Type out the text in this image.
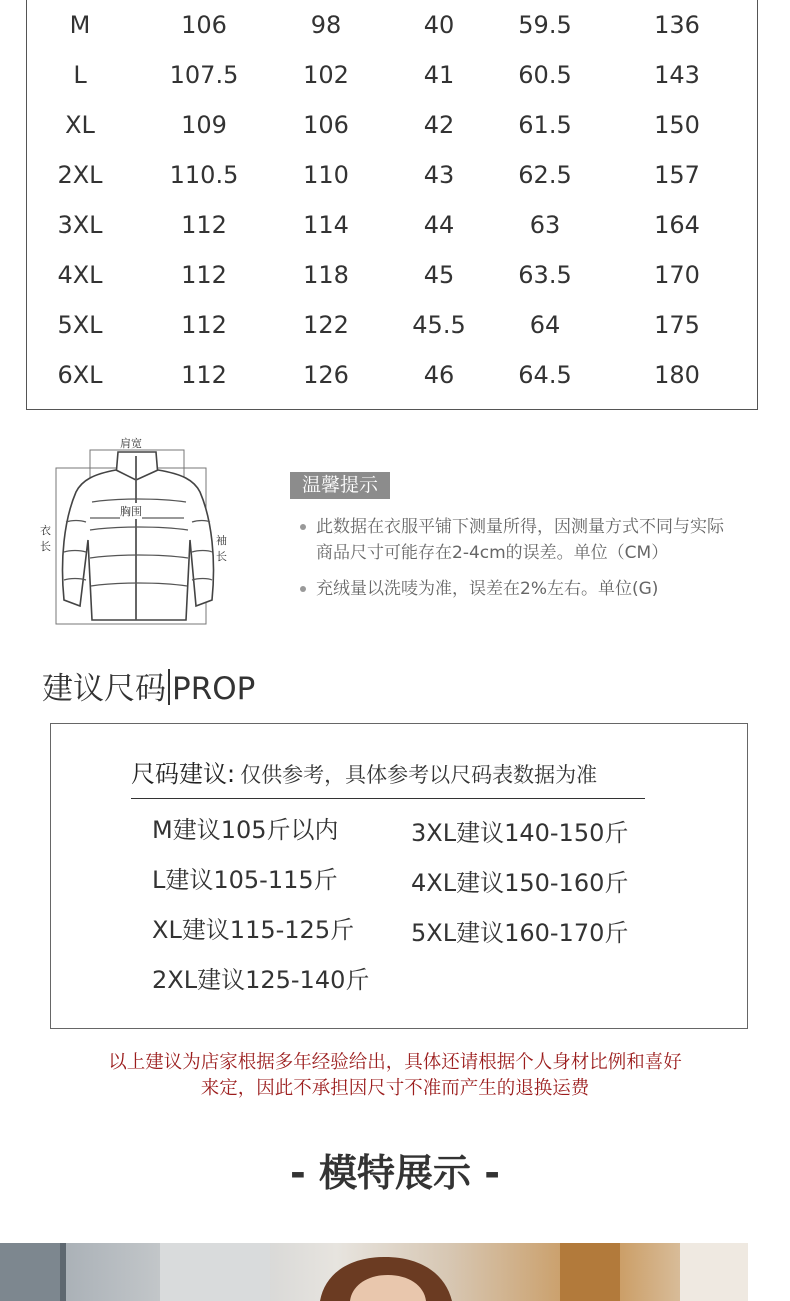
M	106	98	40	59.5	136
L	107.5	102	41	60.5	143
XL	109	106	42	61.5	150
2XL	110.5	110	43	62.5	157
3XL	112	114	44	63	164
4XL	112	118	45	63.5	170
5XL	112	122	45.5	64	175
6XL	112	126	46	64.5	180
肩宽
胸围
衣
长	袖
长
温馨提示
此数据在衣服平铺下测量所得，因测量方式不同与实际
商品尺寸可能存在2-4cm的误差。单位（CM）
充绒量以洗唛为准，误差在2%左右。单位(G)
建议尺码 PROP
尺码建议: 仅供参考，具体参考以尺码表数据为准
M建议105斤以内
L建议105-115斤
XL建议115-125斤
2XL建议125-140斤
3XL建议140-150斤
4XL建议150-160斤
5XL建议160-170斤
以上建议为店家根据多年经验给出，具体还请根据个人身材比例和喜好
来定，因此不承担因尺寸不准而产生的退换运费
- 模特展示 -
